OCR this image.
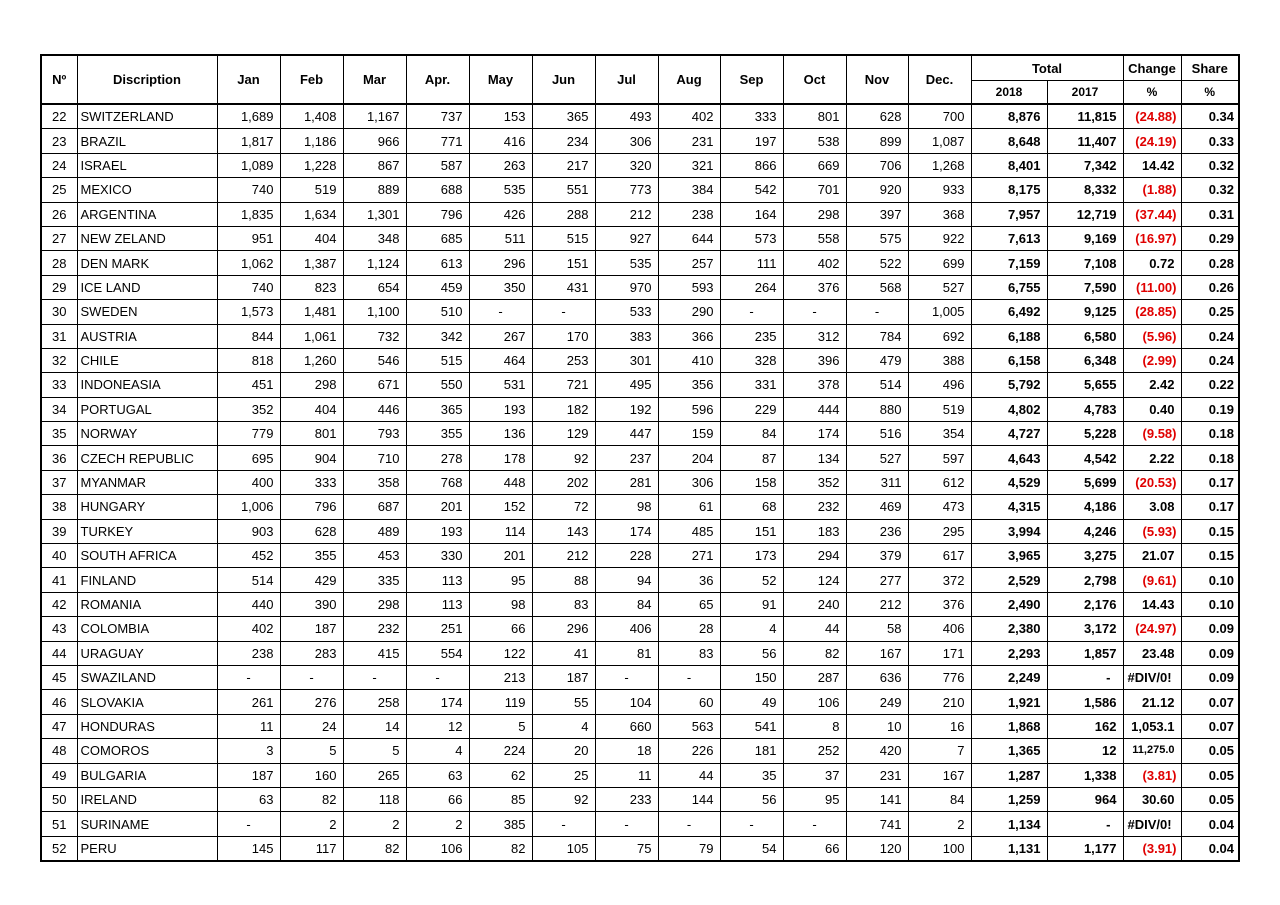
Nº	Discription	Jan	Feb	Mar	Apr.	May	Jun	Jul	Aug	Sep	Oct	Nov	Dec.	Total		Change	Share
														2018	2017	%	%
22	SWITZERLAND	1,689	1,408	1,167	737	153	365	493	402	333	801	628	700	8,876	11,815	(24.88)	0.34
23	BRAZIL	1,817	1,186	966	771	416	234	306	231	197	538	899	1,087	8,648	11,407	(24.19)	0.33
24	ISRAEL	1,089	1,228	867	587	263	217	320	321	866	669	706	1,268	8,401	7,342	14.42	0.32
25	MEXICO	740	519	889	688	535	551	773	384	542	701	920	933	8,175	8,332	(1.88)	0.32
26	ARGENTINA	1,835	1,634	1,301	796	426	288	212	238	164	298	397	368	7,957	12,719	(37.44)	0.31
27	NEW ZELAND	951	404	348	685	511	515	927	644	573	558	575	922	7,613	9,169	(16.97)	0.29
28	DEN MARK	1,062	1,387	1,124	613	296	151	535	257	111	402	522	699	7,159	7,108	0.72	0.28
29	ICE LAND	740	823	654	459	350	431	970	593	264	376	568	527	6,755	7,590	(11.00)	0.26
30	SWEDEN	1,573	1,481	1,100	510	-	-	533	290	-	-	-	1,005	6,492	9,125	(28.85)	0.25
31	AUSTRIA	844	1,061	732	342	267	170	383	366	235	312	784	692	6,188	6,580	(5.96)	0.24
32	CHILE	818	1,260	546	515	464	253	301	410	328	396	479	388	6,158	6,348	(2.99)	0.24
33	INDONEASIA	451	298	671	550	531	721	495	356	331	378	514	496	5,792	5,655	2.42	0.22
34	PORTUGAL	352	404	446	365	193	182	192	596	229	444	880	519	4,802	4,783	0.40	0.19
35	NORWAY	779	801	793	355	136	129	447	159	84	174	516	354	4,727	5,228	(9.58)	0.18
36	CZECH REPUBLIC	695	904	710	278	178	92	237	204	87	134	527	597	4,643	4,542	2.22	0.18
37	MYANMAR	400	333	358	768	448	202	281	306	158	352	311	612	4,529	5,699	(20.53)	0.17
38	HUNGARY	1,006	796	687	201	152	72	98	61	68	232	469	473	4,315	4,186	3.08	0.17
39	TURKEY	903	628	489	193	114	143	174	485	151	183	236	295	3,994	4,246	(5.93)	0.15
40	SOUTH AFRICA	452	355	453	330	201	212	228	271	173	294	379	617	3,965	3,275	21.07	0.15
41	FINLAND	514	429	335	113	95	88	94	36	52	124	277	372	2,529	2,798	(9.61)	0.10
42	ROMANIA	440	390	298	113	98	83	84	65	91	240	212	376	2,490	2,176	14.43	0.10
43	COLOMBIA	402	187	232	251	66	296	406	28	4	44	58	406	2,380	3,172	(24.97)	0.09
44	URAGUAY	238	283	415	554	122	41	81	83	56	82	167	171	2,293	1,857	23.48	0.09
45	SWAZILAND	-	-	-	-	213	187	-	-	150	287	636	776	2,249	-	#DIV/0!	0.09
46	SLOVAKIA	261	276	258	174	119	55	104	60	49	106	249	210	1,921	1,586	21.12	0.07
47	HONDURAS	11	24	14	12	5	4	660	563	541	8	10	16	1,868	162	1,053.1	0.07
48	COMOROS	3	5	5	4	224	20	18	226	181	252	420	7	1,365	12	11,275.0	0.05
49	BULGARIA	187	160	265	63	62	25	11	44	35	37	231	167	1,287	1,338	(3.81)	0.05
50	IRELAND	63	82	118	66	85	92	233	144	56	95	141	84	1,259	964	30.60	0.05
51	SURINAME	-	2	2	2	385	-	-	-	-	-	741	2	1,134	-	#DIV/0!	0.04
52	PERU	145	117	82	106	82	105	75	79	54	66	120	100	1,131	1,177	(3.91)	0.04
